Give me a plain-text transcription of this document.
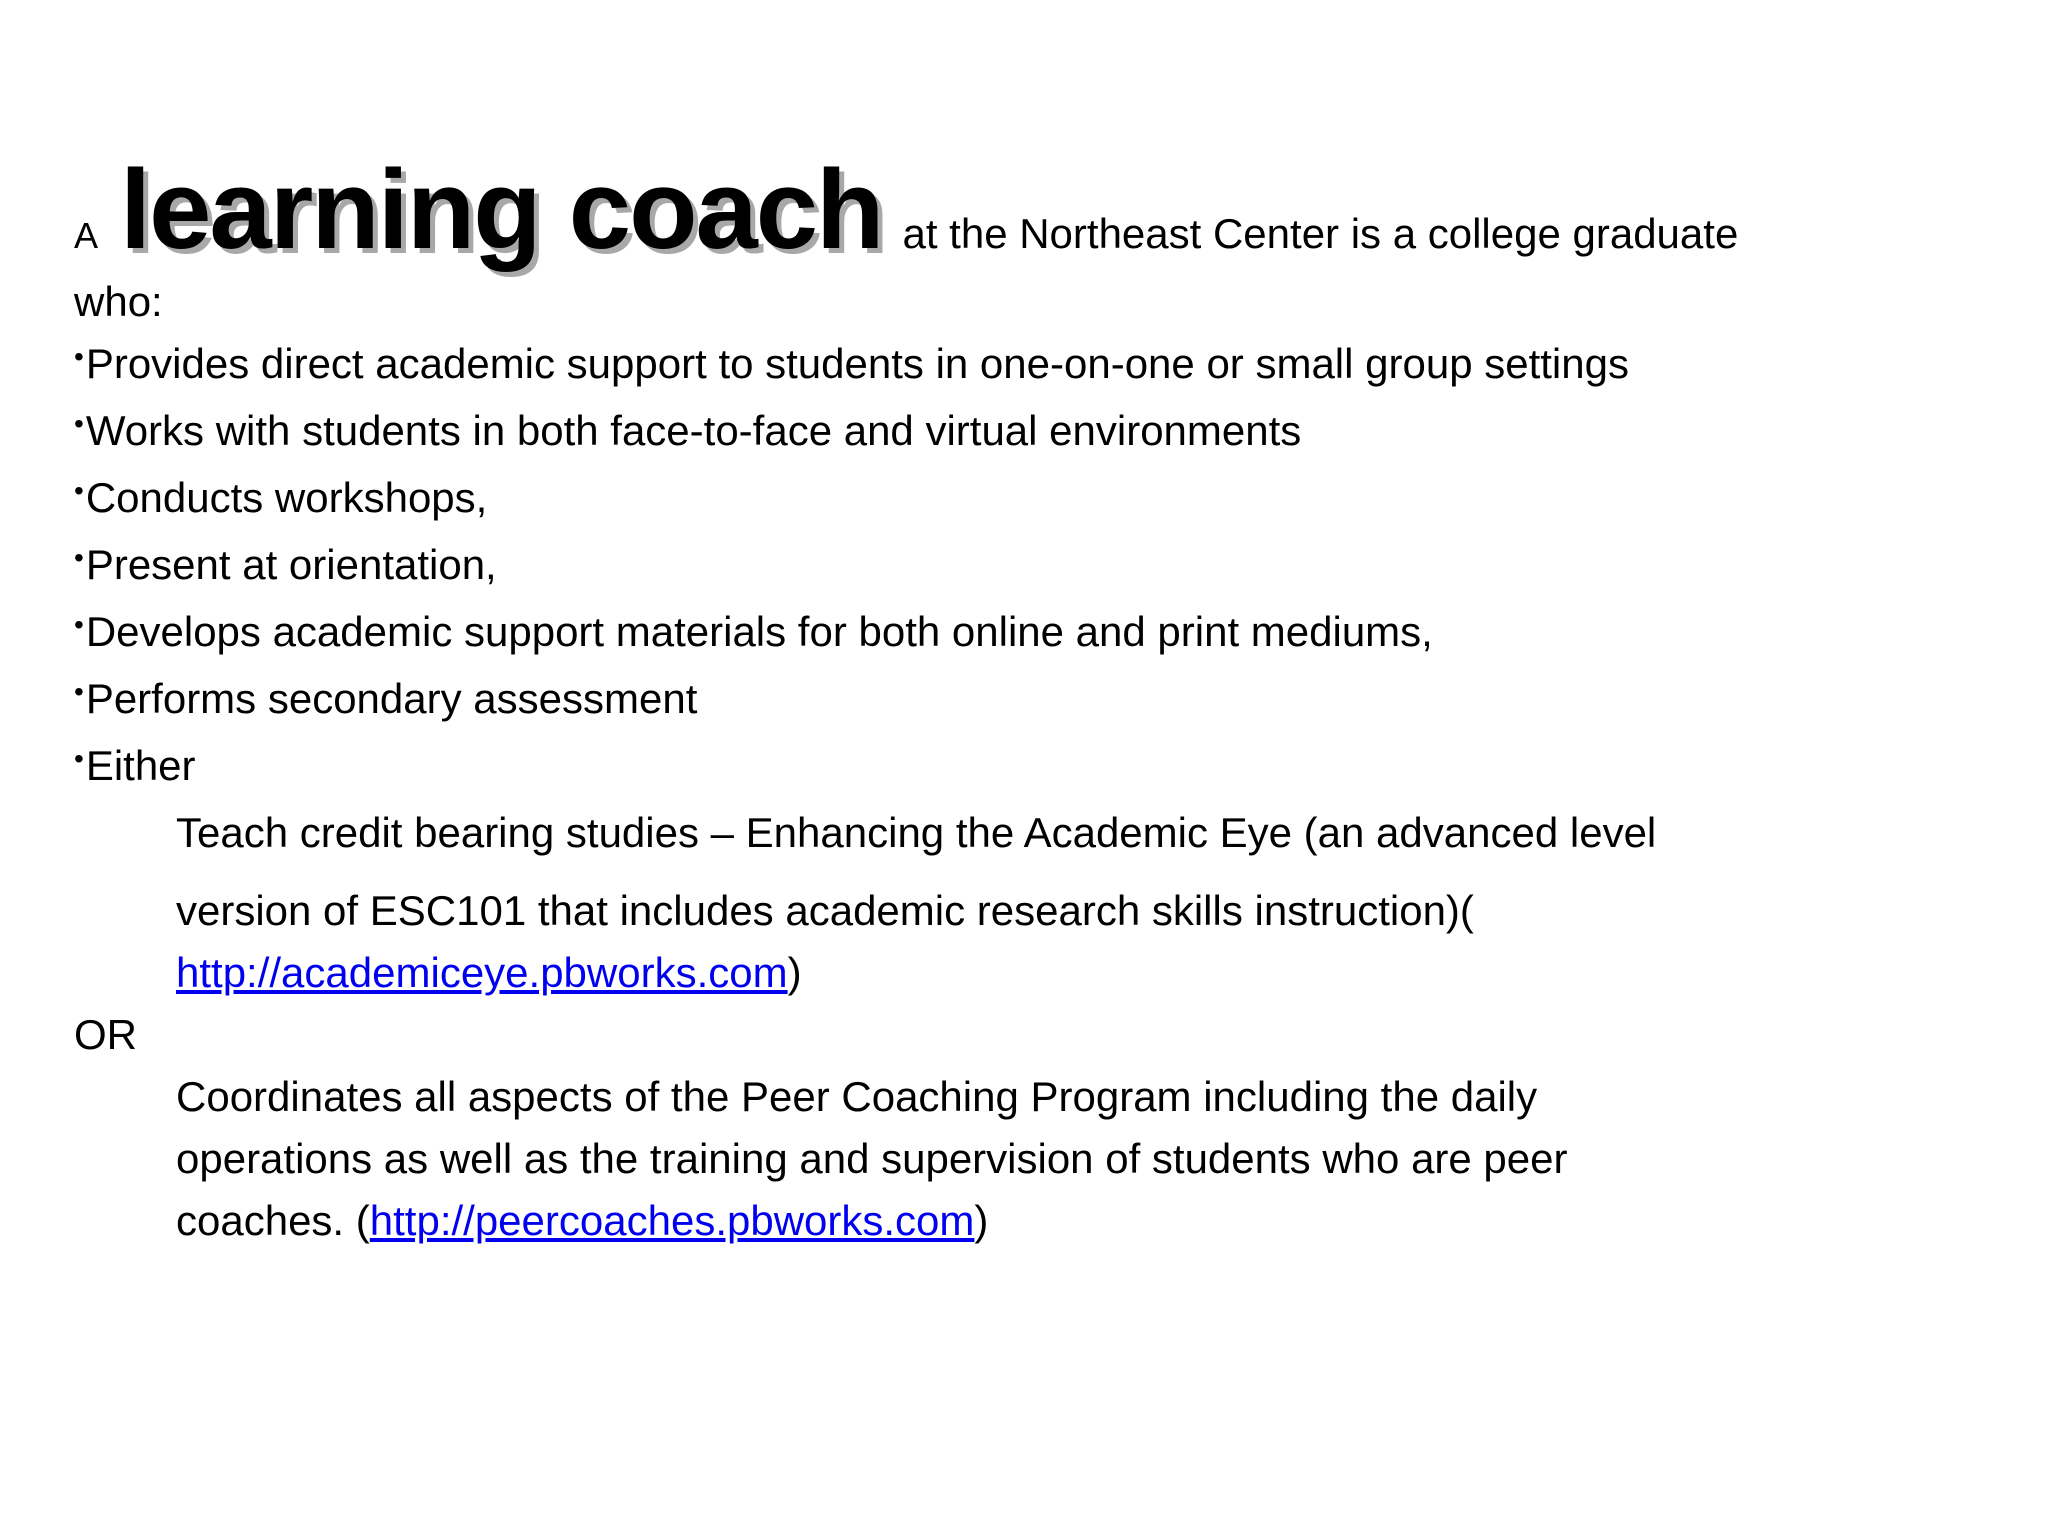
A learning coach at the Northeast Center is a college graduate
who:
•Provides direct academic support to students in one-on-one or small group settings
•Works with students in both face-to-face and virtual environments
•Conducts workshops,
•Present at orientation,
•Develops academic support materials for both online and print mediums,
•Performs secondary assessment
•Either
Teach credit bearing studies – Enhancing the Academic Eye (an advanced level
version of ESC101 that includes academic research skills instruction)(
http://academiceye.pbworks.com)
OR
Coordinates all aspects of the Peer Coaching Program including the daily
operations as well as the training and supervision of students who are peer
coaches. (http://peercoaches.pbworks.com)
